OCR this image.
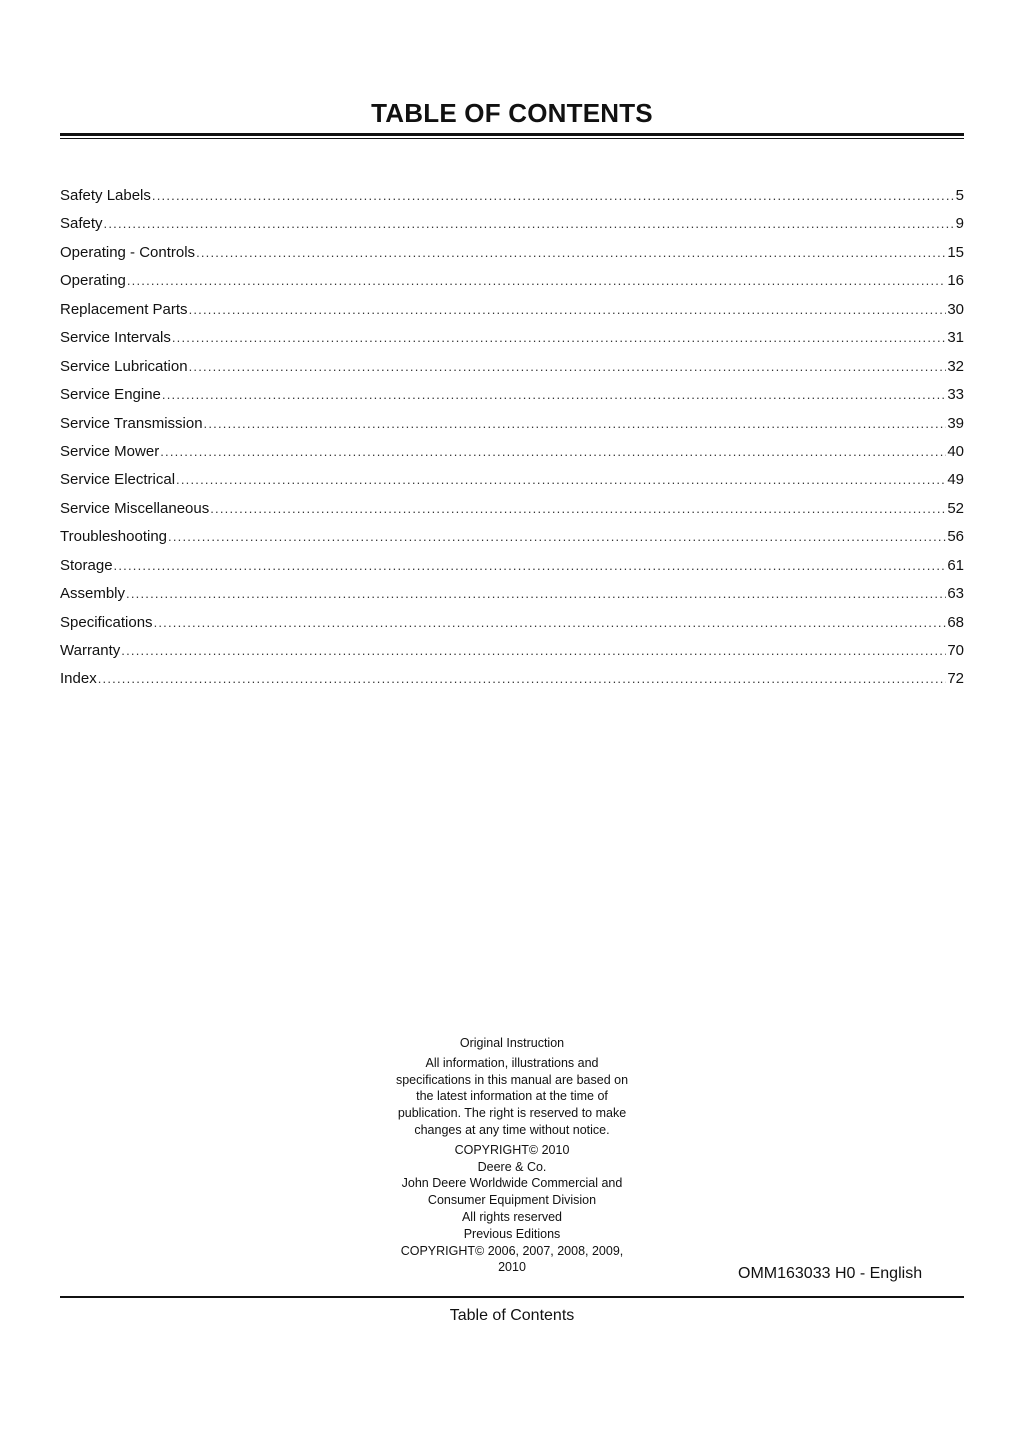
TABLE OF CONTENTS
Safety Labels .....	5
Safety .....	9
Operating - Controls .....	15
Operating .....	16
Replacement Parts .....	30
Service Intervals .....	31
Service Lubrication .....	32
Service Engine .....	33
Service Transmission .....	39
Service Mower .....	40
Service Electrical .....	49
Service Miscellaneous .....	52
Troubleshooting .....	56
Storage .....	61
Assembly .....	63
Specifications .....	68
Warranty .....	70
Index .....	72

Original Instruction

All information, illustrations and specifications in this manual are based on the latest information at the time of publication. The right is reserved to make changes at any time without notice.

COPYRIGHT© 2010
Deere & Co.
John Deere Worldwide Commercial and Consumer Equipment Division
All rights reserved
Previous Editions
COPYRIGHT© 2006, 2007, 2008, 2009, 2010	OMM163033 H0 - English
Table of Contents
